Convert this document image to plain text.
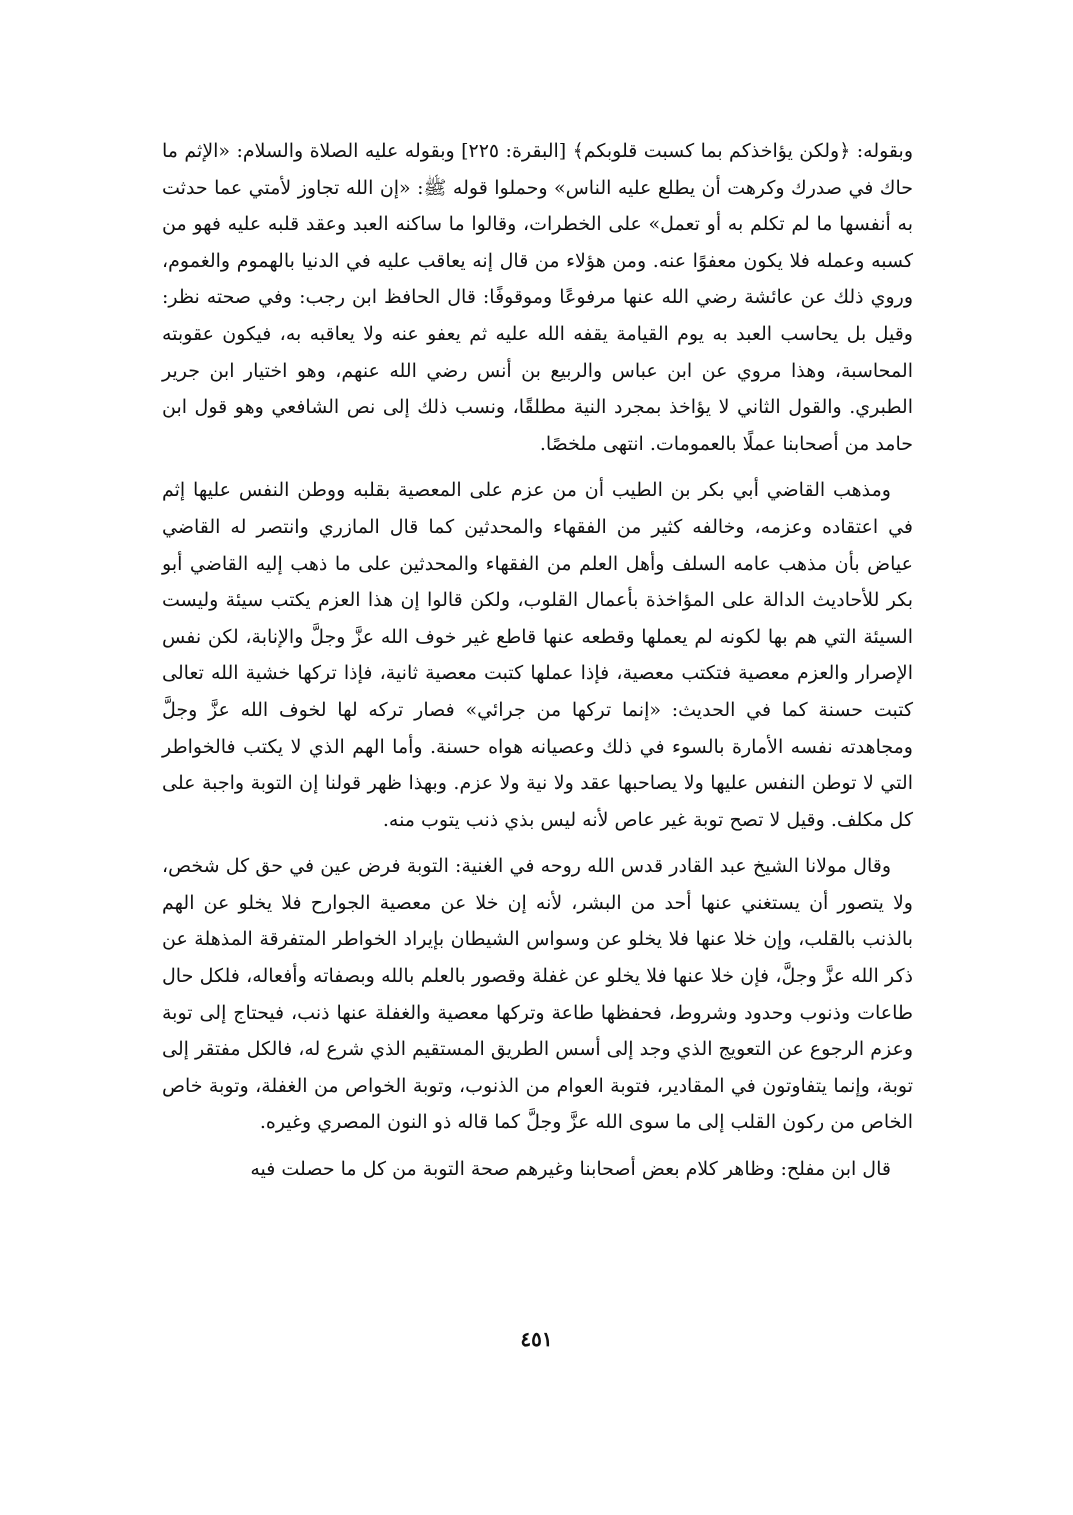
وبقوله: ﴿ولكن يؤاخذكم بما كسبت قلوبكم﴾ [البقرة: ٢٢٥] وبقوله عليه الصلاة والسلام: «الإثم ما حاك في صدرك وكرهت أن يطلع عليه الناس» وحملوا قوله ﷺ: «إن الله تجاوز لأمتي عما حدثت به أنفسها ما لم تكلم به أو تعمل» على الخطرات، وقالوا ما ساكنه العبد وعقد قلبه عليه فهو من كسبه وعمله فلا يكون معفوًا عنه. ومن هؤلاء من قال إنه يعاقب عليه في الدنيا بالهموم والغموم، وروي ذلك عن عائشة رضي الله عنها مرفوعًا وموقوفًا: قال الحافظ ابن رجب: وفي صحته نظر: وقيل بل يحاسب العبد به يوم القيامة يقفه الله عليه ثم يعفو عنه ولا يعاقبه به، فيكون عقوبته المحاسبة، وهذا مروي عن ابن عباس والربيع بن أنس رضي الله عنهم، وهو اختيار ابن جرير الطبري. والقول الثاني لا يؤاخذ بمجرد النية مطلقًا، ونسب ذلك إلى نص الشافعي وهو قول ابن حامد من أصحابنا عملًا بالعمومات. انتهى ملخصًا.

ومذهب القاضي أبي بكر بن الطيب أن من عزم على المعصية بقلبه ووطن النفس عليها إثم في اعتقاده وعزمه، وخالفه كثير من الفقهاء والمحدثين كما قال المازري وانتصر له القاضي عياض بأن مذهب عامه السلف وأهل العلم من الفقهاء والمحدثين على ما ذهب إليه القاضي أبو بكر للأحاديث الدالة على المؤاخذة بأعمال القلوب، ولكن قالوا إن هذا العزم يكتب سيئة وليست السيئة التي هم بها لكونه لم يعملها وقطعه عنها قاطع غير خوف الله عزَّ وجلَّ والإنابة، لكن نفس الإصرار والعزم معصية فتكتب معصية، فإذا عملها كتبت معصية ثانية، فإذا تركها خشية الله تعالى كتبت حسنة كما في الحديث: «إنما تركها من جرائي» فصار تركه لها لخوف الله عزَّ وجلَّ ومجاهدته نفسه الأمارة بالسوء في ذلك وعصيانه هواه حسنة. وأما الهم الذي لا يكتب فالخواطر التي لا توطن النفس عليها ولا يصاحبها عقد ولا نية ولا عزم. وبهذا ظهر قولنا إن التوبة واجبة على كل مكلف. وقيل لا تصح توبة غير عاص لأنه ليس بذي ذنب يتوب منه.

وقال مولانا الشيخ عبد القادر قدس الله روحه في الغنية: التوبة فرض عين في حق كل شخص، ولا يتصور أن يستغني عنها أحد من البشر، لأنه إن خلا عن معصية الجوارح فلا يخلو عن الهم بالذنب بالقلب، وإن خلا عنها فلا يخلو عن وسواس الشيطان بإيراد الخواطر المتفرقة المذهلة عن ذكر الله عزَّ وجلَّ، فإن خلا عنها فلا يخلو عن غفلة وقصور بالعلم بالله وبصفاته وأفعاله، فلكل حال طاعات وذنوب وحدود وشروط، فحفظها طاعة وتركها معصية والغفلة عنها ذنب، فيحتاج إلى توبة وعزم الرجوع عن التعويج الذي وجد إلى أسس الطريق المستقيم الذي شرع له، فالكل مفتقر إلى توبة، وإنما يتفاوتون في المقادير، فتوبة العوام من الذنوب، وتوبة الخواص من الغفلة، وتوبة خاص الخاص من ركون القلب إلى ما سوى الله عزَّ وجلَّ كما قاله ذو النون المصري وغيره.

قال ابن مفلح: وظاهر كلام بعض أصحابنا وغيرهم صحة التوبة من كل ما حصلت فيه

٤٥١
